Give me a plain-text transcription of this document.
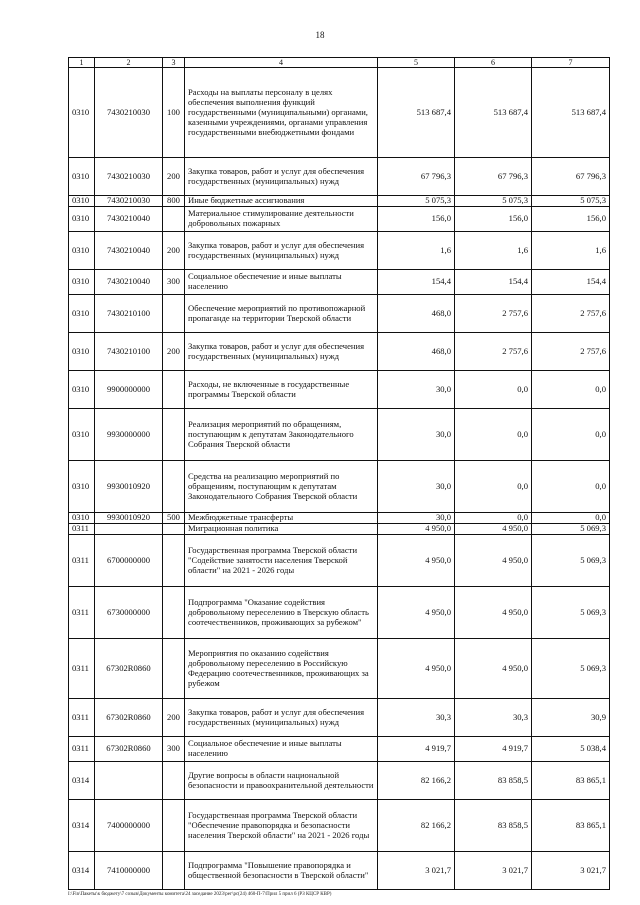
18
1	2	3	4	5	6	7
0310	7430210030	100	Расходы на выплаты персоналу в целях обеспечения выполнения функций государственными (муниципальными) органами, казенными учреждениями, органами управления государственными внебюджетными фондами	513 687,4	513 687,4	513 687,4
0310	7430210030	200	Закупка товаров, работ и услуг для обеспечения государственных (муниципальных) нужд	67 796,3	67 796,3	67 796,3
0310	7430210030	800	Иные бюджетные ассигнования	5 075,3	5 075,3	5 075,3
0310	7430210040		Материальное стимулирование деятельности добровольных пожарных	156,0	156,0	156,0
0310	7430210040	200	Закупка товаров, работ и услуг для обеспечения государственных (муниципальных) нужд	1,6	1,6	1,6
0310	7430210040	300	Социальное обеспечение и иные выплаты населению	154,4	154,4	154,4
0310	7430210100		Обеспечение мероприятий по противопожарной пропаганде на территории Тверской области	468,0	2 757,6	2 757,6
0310	7430210100	200	Закупка товаров, работ и услуг для обеспечения государственных (муниципальных) нужд	468,0	2 757,6	2 757,6
0310	9900000000		Расходы, не включенные в государственные программы Тверской области	30,0	0,0	0,0
0310	9930000000		Реализация мероприятий по обращениям, поступающим к депутатам Законодательного Собрания Тверской области	30,0	0,0	0,0
0310	9930010920		Средства на реализацию мероприятий по обращениям, поступающим к депутатам Законодательного Собрания Тверской области	30,0	0,0	0,0
0310	9930010920	500	Межбюджетные трансферты	30,0	0,0	0,0
0311			Миграционная политика	4 950,0	4 950,0	5 069,3
0311	6700000000		Государственная программа Тверской области "Содействие занятости населения Тверской области" на 2021 - 2026 годы	4 950,0	4 950,0	5 069,3
0311	6730000000		Подпрограмма "Оказание содействия добровольному переселению в Тверскую область соотечественников, проживающих за рубежом"	4 950,0	4 950,0	5 069,3
0311	67302R0860		Мероприятия по оказанию содействия добровольному переселению в Российскую Федерацию соотечественников, проживающих за рубежом	4 950,0	4 950,0	5 069,3
0311	67302R0860	200	Закупка товаров, работ и услуг для обеспечения государственных (муниципальных) нужд	30,3	30,3	30,9
0311	67302R0860	300	Социальное обеспечение и иные выплаты населению	4 919,7	4 919,7	5 038,4
0314			Другие вопросы в области национальной безопасности и правоохранительной деятельности	82 166,2	83 858,5	83 865,1
0314	7400000000		Государственная программа Тверской области "Обеспечение правопорядка и безопасности населения Тверской области" на 2021 - 2026 годы	82 166,2	83 858,5	83 865,1
0314	7410000000		Подпрограмма "Повышение правопорядка и общественной безопасности в Тверской области"	3 021,7	3 021,7	3 021,7
I:\Fin\Пакеты\к бюджету\7 созыв\Документы комитета\24 заседание 2023\рег\рс(24) 460-П-7\Прил 5 прил 6 (РЗ КЦСР КВР)
